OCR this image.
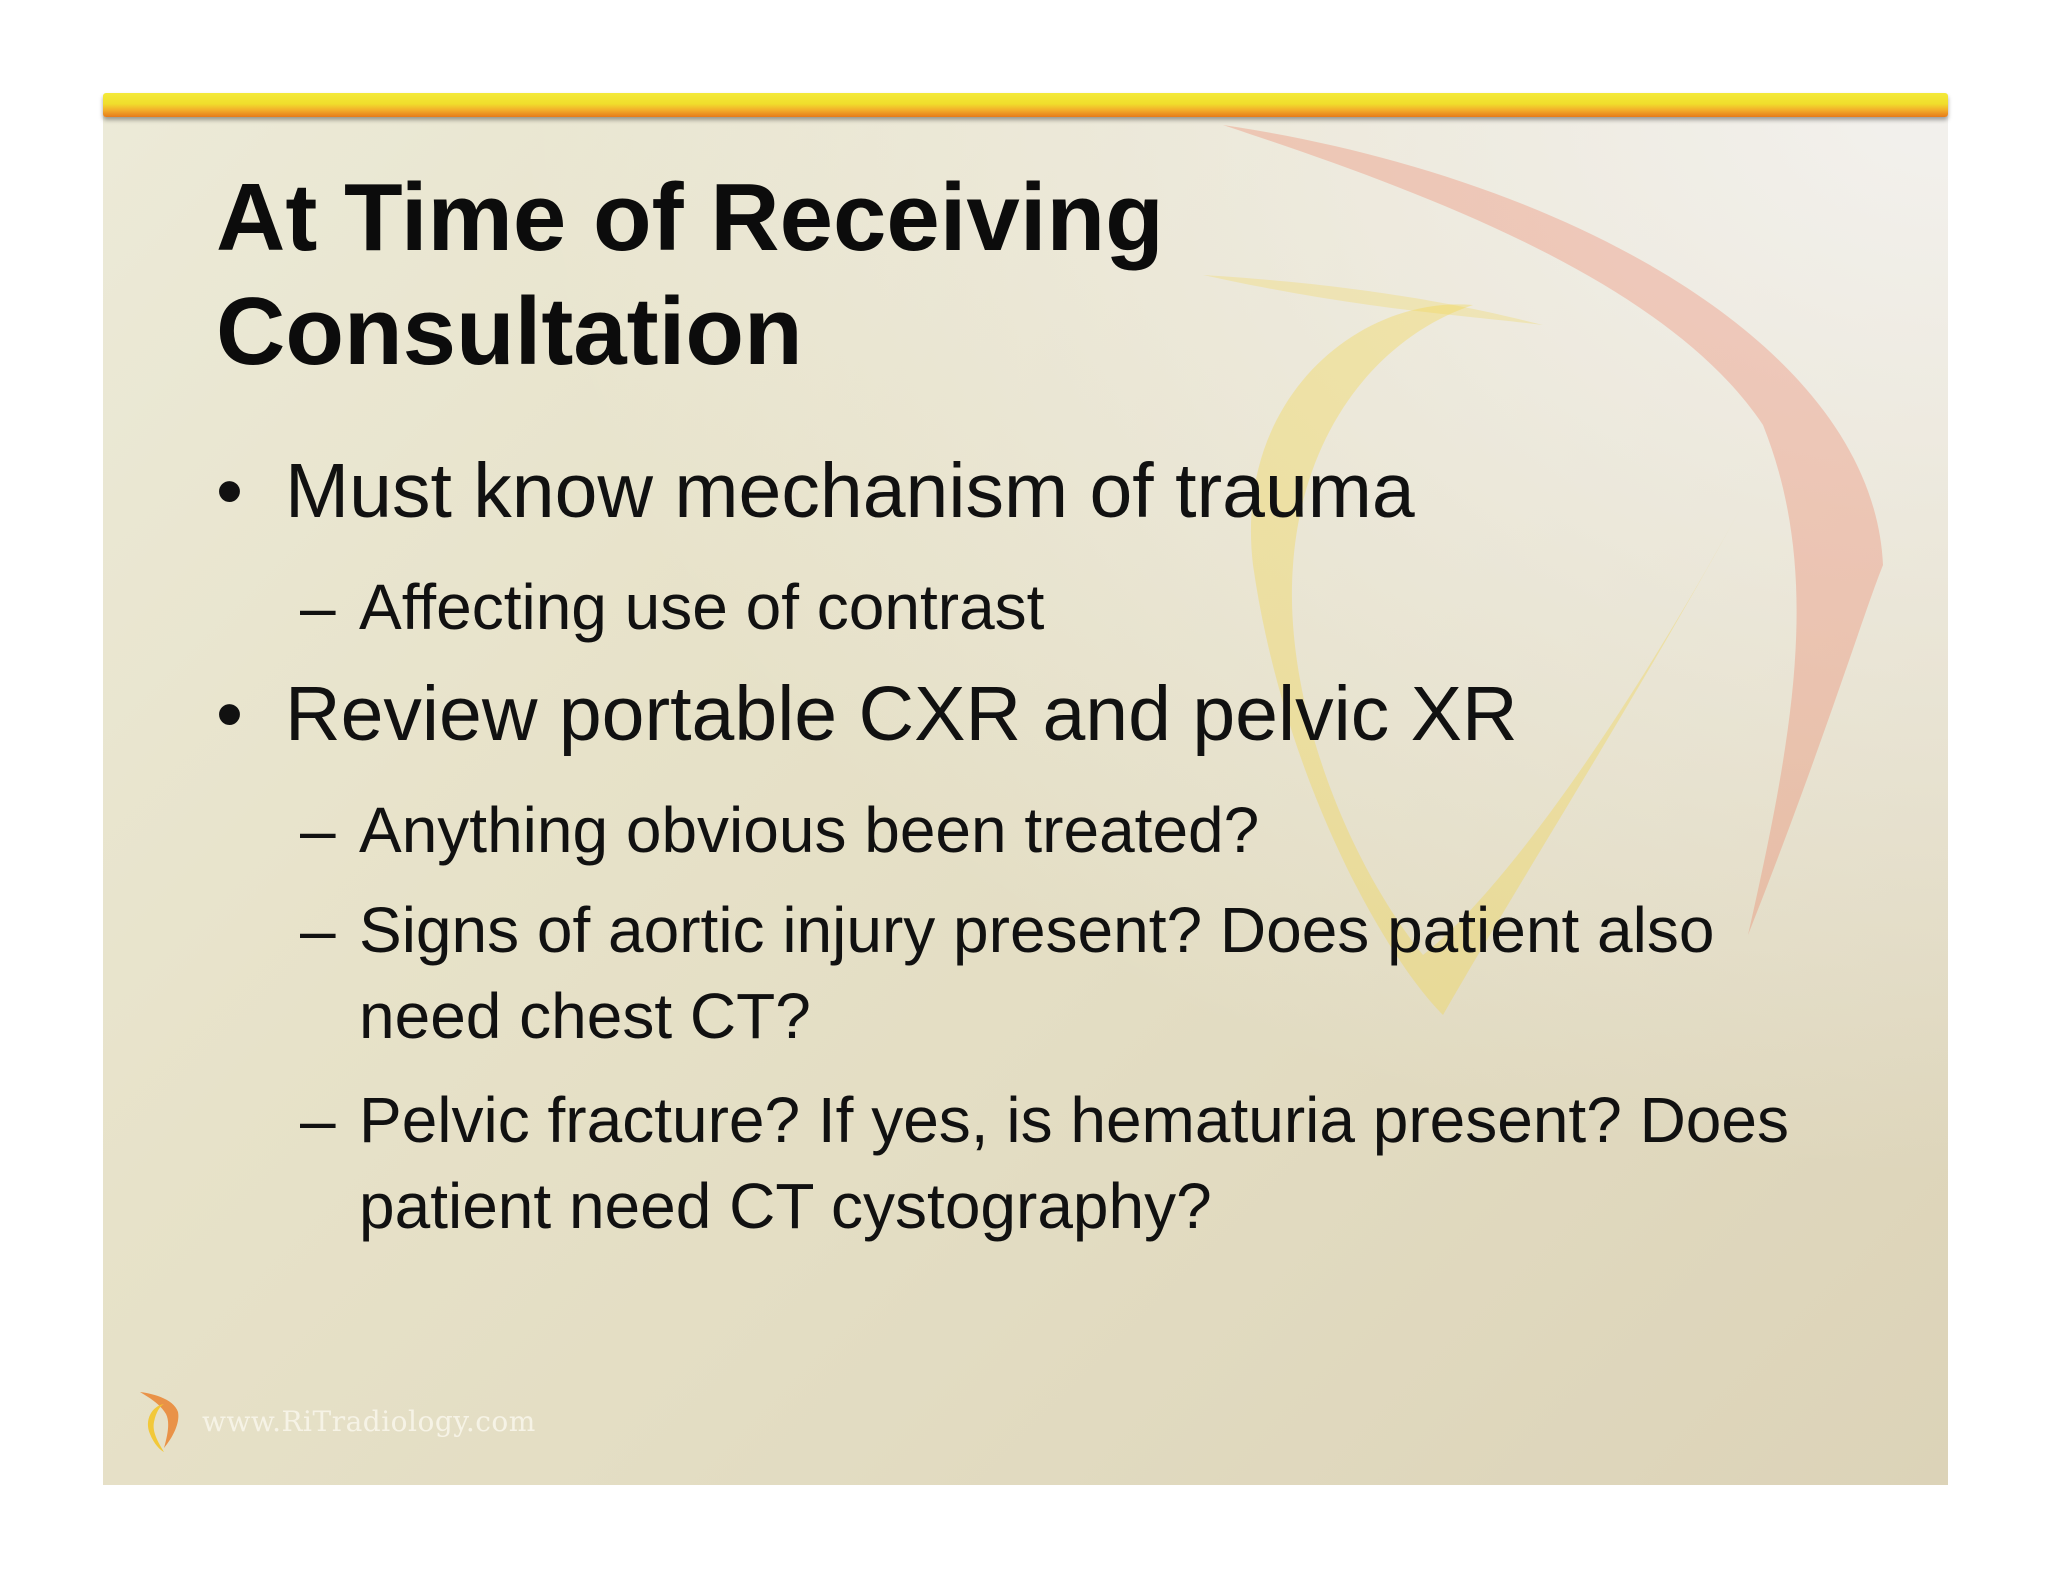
At Time of Receiving
Consultation
• Must know mechanism of trauma
– Affecting use of contrast
• Review portable CXR and pelvic XR
– Anything obvious been treated?
– Signs of aortic injury present? Does patient also need chest CT?
– Pelvic fracture? If yes, is hematuria present? Does patient need CT cystography?
www.RiTradiology.com
